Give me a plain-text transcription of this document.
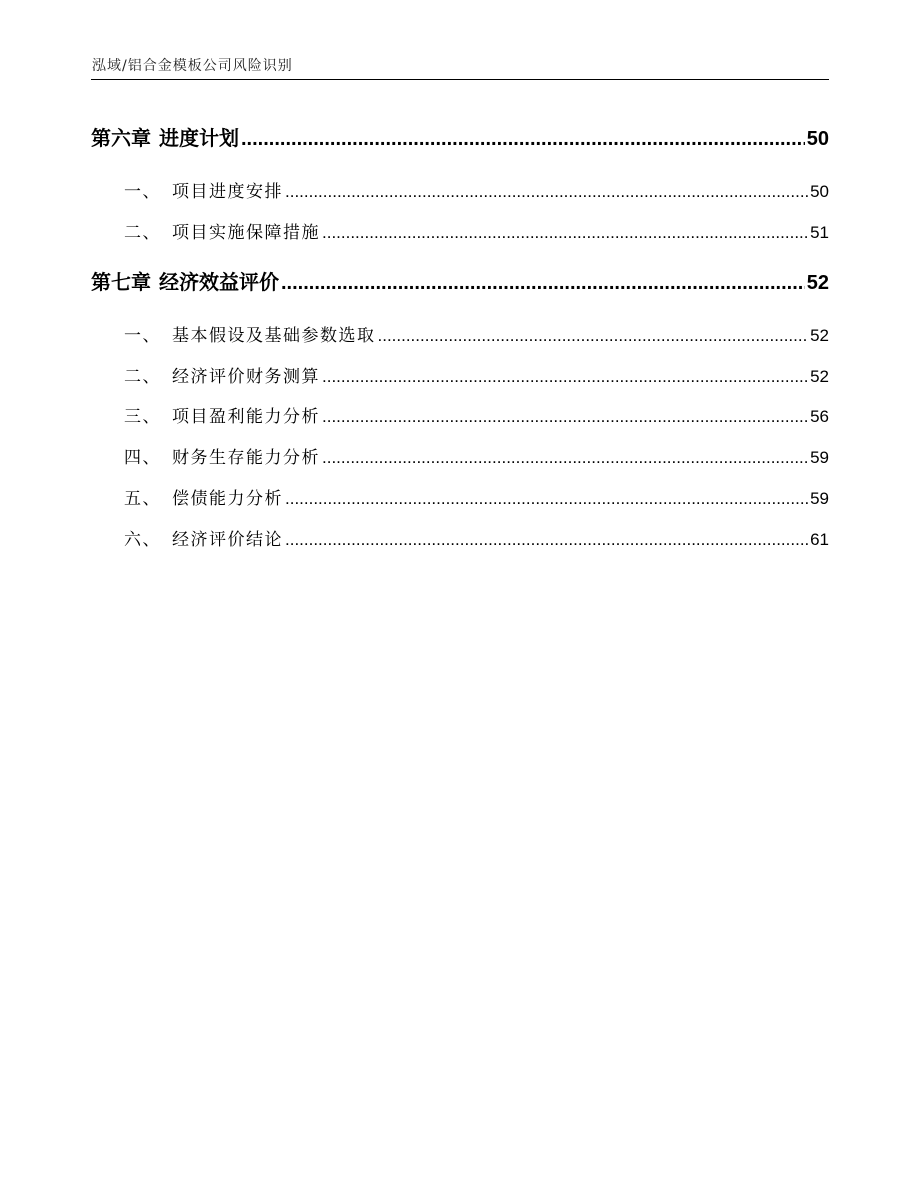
泓域/铝合金模板公司风险识别
第六章 进度计划 .....	50
一、 项目进度安排 .....	50
二、 项目实施保障措施 .....	51
第七章 经济效益评价 .....	52
一、 基本假设及基础参数选取 .....	52
二、 经济评价财务测算 .....	52
三、 项目盈利能力分析 .....	56
四、 财务生存能力分析 .....	59
五、 偿债能力分析 .....	59
六、 经济评价结论 .....	61
